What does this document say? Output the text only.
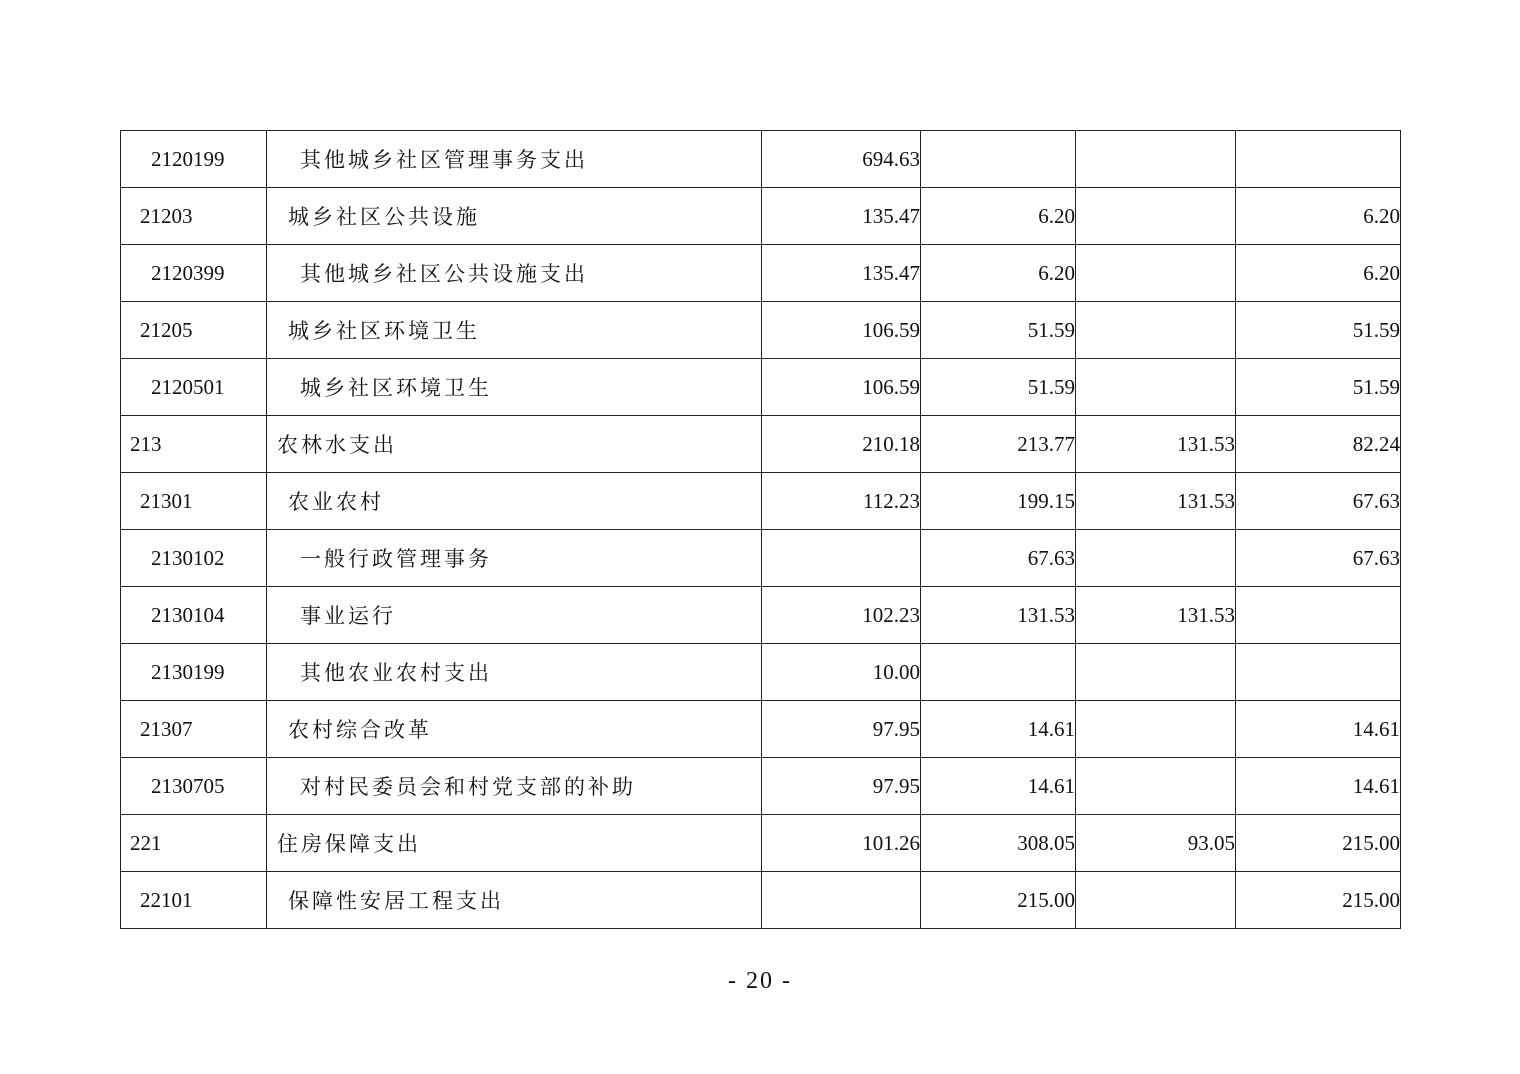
2120199	其他城乡社区管理事务支出	694.63			
21203	城乡社区公共设施	135.47	6.20		6.20
2120399	其他城乡社区公共设施支出	135.47	6.20		6.20
21205	城乡社区环境卫生	106.59	51.59		51.59
2120501	城乡社区环境卫生	106.59	51.59		51.59
213	农林水支出	210.18	213.77	131.53	82.24
21301	农业农村	112.23	199.15	131.53	67.63
2130102	一般行政管理事务		67.63		67.63
2130104	事业运行	102.23	131.53	131.53	
2130199	其他农业农村支出	10.00			
21307	农村综合改革	97.95	14.61		14.61
2130705	对村民委员会和村党支部的补助	97.95	14.61		14.61
221	住房保障支出	101.26	308.05	93.05	215.00
22101	保障性安居工程支出		215.00		215.00
- 20 -
